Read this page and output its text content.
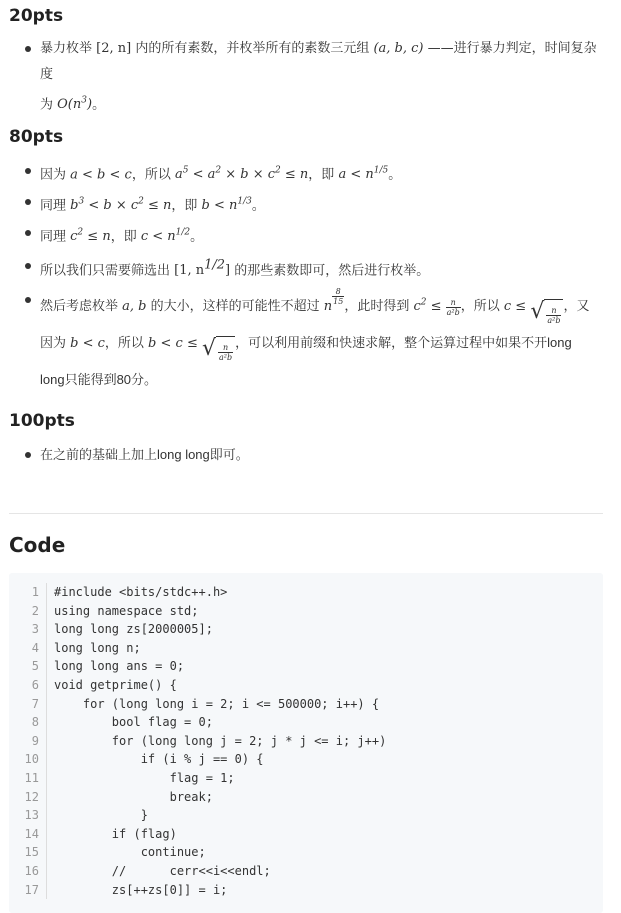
20pts
暴力枚举 [2, n] 内的所有素数，并枚举所有的素数三元组 (a, b, c) ——进行暴力判定，时间复杂度
为 $O(n^3)$。
80pts
因为 a < b < c，所以 $a^5 < a^2 \times b \times c^2 \le n$，即 $a < n^{1/5}$。
同理 $b^3 < b \times c^2 \le n$，即 $b < n^{1/3}$。
同理 $c^2 \le n$，即 $c < n^{1/2}$。
所以我们只需要筛选出 [1, $n^{1/2}$] 的那些素数即可，然后进行枚举。
然后考虑枚举 a, b 的大小，这样的可能性不超过 n
$\frac{8}{15}$
，此时得到 $c^2 \le \frac{n}{\text{a²b}}$ ，所以 c ≤ √ $\frac{n}{\text{a²b}}$ ，又
因为 b < c，所以 b < c ≤ √ $\frac{n}{\text{a²b}}$
，可以利用前缀和快速求解，整个运算过程中如果不开long
long只能得到80分。
100pts
在之前的基础上加上long long即可。
Code
1
2
3
4
5
6
7
8
9
10
11
12
13
14
15
16
17
#include <bits/stdc++.h>
using namespace std;
long long zs[2000005];
long long n;
long long ans = 0;
void getprime() {
for (long long i = 2; i <= 500000; i++) {
bool flag = 0;
for (long long j = 2; j * j <= i; j++)
if (i % j == 0) {
flag = 1;
break;
}
if (flag)
continue;
//      cerr<<i<<endl;
zs[++zs[0]] = i;
